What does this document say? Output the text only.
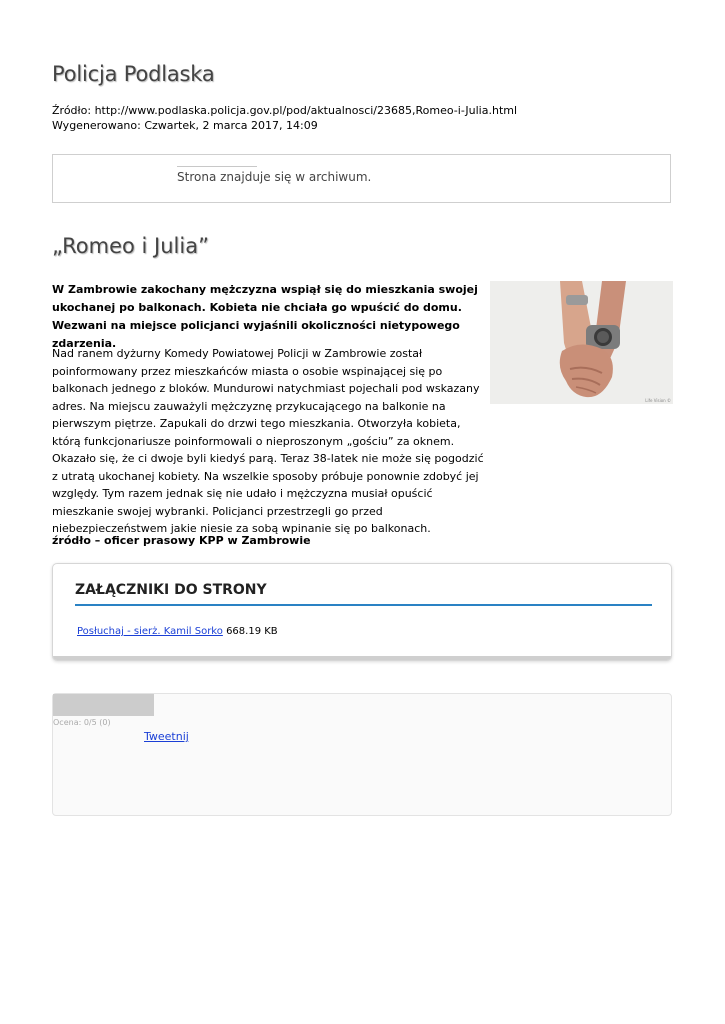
Policja Podlaska
Źródło: http://www.podlaska.policja.gov.pl/pod/aktualnosci/23685,Romeo-i-Julia.html
Wygenerowano: Czwartek, 2 marca 2017, 14:09
Strona znajduje się w archiwum.
„Romeo i Julia”

W Zambrowie zakochany mężczyzna wspiął się do mieszkania swojej ukochanej po balkonach. Kobieta nie chciała go wpuścić do domu. Wezwani na miejsce policjanci wyjaśnili okoliczności nietypowego zdarzenia.

Life Vision ©

Nad ranem dyżurny Komedy Powiatowej Policji w Zambrowie został poinformowany przez mieszkańców miasta o osobie wspinającej się po balkonach jednego z bloków. Mundurowi natychmiast pojechali pod wskazany adres. Na miejscu zauważyli mężczyznę przykucającego na balkonie na pierwszym piętrze. Zapukali do drzwi tego mieszkania. Otworzyła kobieta, którą funkcjonariusze poinformowali o nieproszonym „gościu” za oknem. Okazało się, że ci dwoje byli kiedyś parą. Teraz 38-latek nie może się pogodzić z utratą ukochanej kobiety. Na wszelkie sposoby próbuje ponownie zdobyć jej względy. Tym razem jednak się nie udało i mężczyzna musiał opuścić mieszkanie swojej wybranki. Policjanci przestrzegli go przed niebezpieczeństwem jakie niesie za sobą wpinanie się po balkonach.

źródło – oficer prasowy KPP w Zambrowie

ZAŁĄCZNIKI DO STRONY
Posłuchaj - sierż. Kamil Sorko 668.19 KB
Ocena: 0/5 (0)
Tweetnij
